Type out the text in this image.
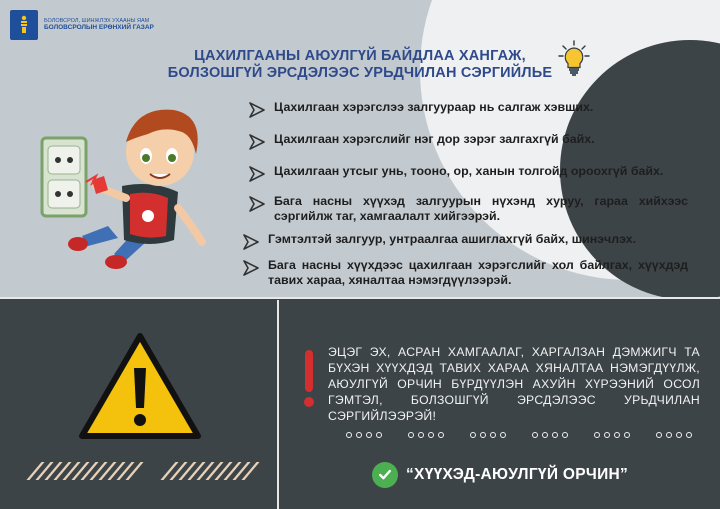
БОЛОВСРОЛ, ШИНЖЛЭХ УХААНЫ ЯАМ
БОЛОВСРОЛЫН ЕРӨНХИЙ ГАЗАР
ЦАХИЛГААНЫ АЮУЛГҮЙ БАЙДЛАА ХАНГАЖ,
БОЛЗОШГҮЙ ЭРСДЭЛЭЭС УРЬДЧИЛАН СЭРГИЙЛЬЕ
Цахилгаан хэрэгслээ залгуураар нь салгаж хэвших.
Цахилгаан хэрэгслийг нэг дор зэрэг залгахгүй байх.
Цахилгаан утсыг унь, тооно, ор, ханын толгойд ороохгүй байх.
Бага насны хүүхэд залгуурын нүхэнд хуруу, гараа хийхээс сэргийлж таг, хамгаалалт хийгээрэй.
Гэмтэлтэй залгуур, унтраалгаа ашиглахгүй байх, шинэчлэх.
Бага насны хүүхдээс цахилгаан хэрэгслийг хол байлгах, хүүхдэд тавих хараа, хяналтаа нэмэгдүүлээрэй.
ЭЦЭГ ЭХ, АСРАН ХАМГААЛАГ, ХАРГАЛЗАН ДЭМЖИГЧ ТА БҮХЭН ХҮҮХДЭД ТАВИХ ХАРАА ХЯНАЛТАА НЭМЭГДҮҮЛЖ, АЮУЛГҮЙ ОРЧИН БҮРДҮҮЛЭН АХУЙН ХҮРЭЭНИЙ ОСОЛ ГЭМТЭЛ, БОЛЗОШГҮЙ ЭРСДЭЛЭЭС УРЬДЧИЛАН СЭРГИЙЛЭЭРЭЙ!
“ХҮҮХЭД-АЮУЛГҮЙ ОРЧИН”
